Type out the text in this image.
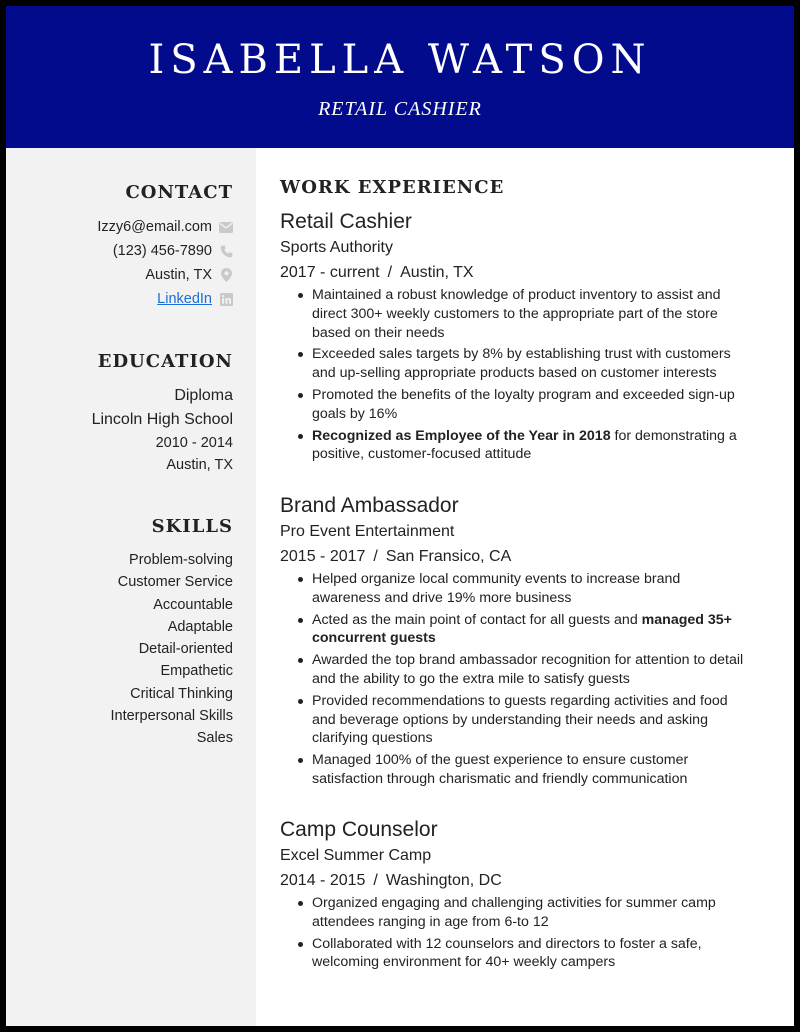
ISABELLA WATSON
RETAIL CASHIER
CONTACT
Izzy6@email.com
(123) 456-7890
Austin, TX
LinkedIn
EDUCATION
Diploma
Lincoln High School
2010 - 2014
Austin, TX
SKILLS
Problem-solving
Customer Service
Accountable
Adaptable
Detail-oriented
Empathetic
Critical Thinking
Interpersonal Skills
Sales
WORK EXPERIENCE
Retail Cashier
Sports Authority
2017 - current / Austin, TX
Maintained a robust knowledge of product inventory to assist and direct 300+ weekly customers to the appropriate part of the store based on their needs
Exceeded sales targets by 8% by establishing trust with customers and up-selling appropriate products based on customer interests
Promoted the benefits of the loyalty program and exceeded sign-up goals by 16%
Recognized as Employee of the Year in 2018 for demonstrating a positive, customer-focused attitude
Brand Ambassador
Pro Event Entertainment
2015 - 2017 / San Fransico, CA
Helped organize local community events to increase brand awareness and drive 19% more business
Acted as the main point of contact for all guests and managed 35+ concurrent guests
Awarded the top brand ambassador recognition for attention to detail and the ability to go the extra mile to satisfy guests
Provided recommendations to guests regarding activities and food and beverage options by understanding their needs and asking clarifying questions
Managed 100% of the guest experience to ensure customer satisfaction through charismatic and friendly communication
Camp Counselor
Excel Summer Camp
2014 - 2015 / Washington, DC
Organized engaging and challenging activities for summer camp attendees ranging in age from 6-to 12
Collaborated with 12 counselors and directors to foster a safe, welcoming environment for 40+ weekly campers
